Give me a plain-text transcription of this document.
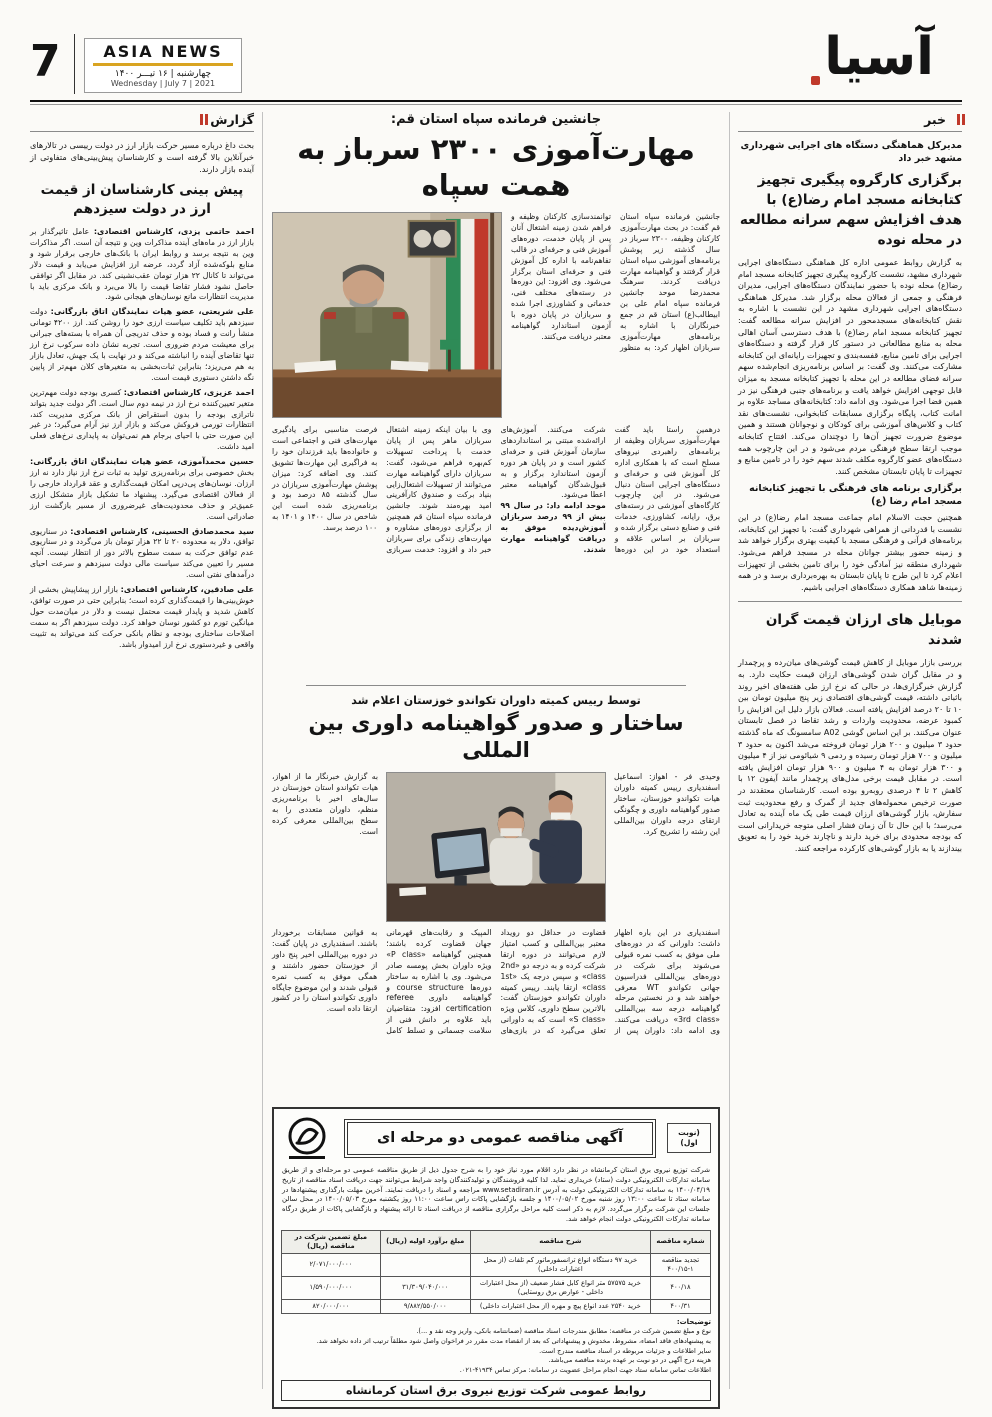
آسیا
ASIA NEWS
چهارشنبه | ۱۶ تیـــر ۱۴۰۰
Wednesday | July 7 | 2021
7
خبر

مدیرکل هماهنگی دستگاه های اجرایی شهرداری مشهد خبر داد

برگزاری کارگروه پیگیری تجهیز کتابخانه مسجد امام رضا(ع) با هدف افزایش سهم سرانه مطالعه در محله نوده

به گزارش روابط عمومی اداره کل هماهنگی دستگاه‌های اجرایی شهرداری مشهد، نشست کارگروه پیگیری تجهیز کتابخانه مسجد امام رضا(ع) محله نوده با حضور نمایندگان دستگاه‌های اجرایی، مدیران فرهنگی و جمعی از فعالان محله برگزار شد. مدیرکل هماهنگی دستگاه‌های اجرایی شهرداری مشهد در این نشست با اشاره به نقش کتابخانه‌های مسجدمحور در افزایش سرانه مطالعه گفت: تجهیز کتابخانه مسجد امام رضا(ع) با هدف دسترسی آسان اهالی محله به منابع مطالعاتی در دستور کار قرار گرفته و دستگاه‌های اجرایی برای تامین منابع، قفسه‌بندی و تجهیزات رایانه‌ای این کتابخانه مشارکت می‌کنند. وی گفت: بر اساس برنامه‌ریزی انجام‌شده سهم سرانه فضای مطالعه در این محله با تجهیز کتابخانه مسجد به میزان قابل توجهی افزایش خواهد یافت و برنامه‌های جنبی فرهنگی نیز در همین فضا اجرا می‌شود. وی ادامه داد: کتابخانه‌های مساجد علاوه بر امانت کتاب، پایگاه برگزاری مسابقات کتابخوانی، نشست‌های نقد کتاب و کلاس‌های آموزشی برای کودکان و نوجوانان هستند و همین موضوع ضرورت تجهیز آن‌ها را دوچندان می‌کند. افتتاح کتابخانه موجب ارتقا سطح فرهنگی مردم می‌شود و در این چارچوب همه دستگاه‌های عضو کارگروه مکلف شدند سهم خود را در تامین منابع و تجهیزات تا پایان تابستان مشخص کنند.

برگزاری برنامه های فرهنگی با تجهیز کتابخانه مسجد امام رضا (ع)

همچنین حجت الاسلام امام جماعت مسجد امام رضا(ع) در این نشست با قدردانی از همراهی شهرداری گفت: با تجهیز این کتابخانه، برنامه‌های قرآنی و فرهنگی مسجد با کیفیت بهتری برگزار خواهد شد و زمینه حضور بیشتر جوانان محله در مسجد فراهم می‌شود. شهرداری منطقه نیز آمادگی خود را برای تامین بخشی از تجهیزات اعلام کرد تا این طرح تا پایان تابستان به بهره‌برداری برسد و در همه زمینه‌ها شاهد همکاری دستگاه‌های اجرایی باشیم.

موبایل های ارزان قیمت گران شدند

بررسی بازار موبایل از کاهش قیمت گوشی‌های میان‌رده و پرچمدار و در مقابل گران شدن گوشی‌های ارزان قیمت حکایت دارد. به گزارش خبرگزاری‌ها، در حالی که نرخ ارز طی هفته‌های اخیر روند باثباتی داشته، قیمت گوشی‌های اقتصادی زیر پنج میلیون تومان بین ۱۰ تا ۲۰ درصد افزایش یافته است. فعالان بازار دلیل این افزایش را کمبود عرضه، محدودیت واردات و رشد تقاضا در فصل تابستان عنوان می‌کنند. بر این اساس گوشی A02 سامسونگ که ماه گذشته حدود ۳ میلیون و ۲۰۰ هزار تومان فروخته می‌شد اکنون به حدود ۳ میلیون و ۷۰۰ هزار تومان رسیده و ردمی ۹ شیائومی نیز از ۴ میلیون و ۳۰۰ هزار تومان به ۴ میلیون و ۹۰۰ هزار تومان افزایش یافته است. در مقابل قیمت برخی مدل‌های پرچمدار مانند آیفون ۱۲ با کاهش ۲ تا ۴ درصدی روبه‌رو بوده است. کارشناسان معتقدند در صورت ترخیص محموله‌های جدید از گمرک و رفع محدودیت ثبت سفارش، بازار گوشی‌های ارزان قیمت طی یک ماه آینده به تعادل می‌رسد؛ با این حال تا آن زمان فشار اصلی متوجه خریدارانی است که بودجه محدودی برای خرید دارند و ناچارند خرید خود را به تعویق بیندازند یا به بازار گوشی‌های کارکرده مراجعه کنند.

گزارش

بحث داغ درباره مسیر حرکت بازار ارز در دولت رییسی در تالارهای خبرآنلاین بالا گرفته است و کارشناسان پیش‌بینی‌های متفاوتی از آینده بازار دارند.

پیش بینی کارشناسان از قیمت ارز در دولت سیزدهم

احمد حاتمی یزدی، کارشناس اقتصادی: عامل تاثیرگذار بر بازار ارز در ماه‌های آینده مذاکرات وین و نتیجه آن است. اگر مذاکرات وین به نتیجه برسد و روابط ایران با بانک‌های خارجی برقرار شود و منابع بلوکه‌شده آزاد گردد، عرضه ارز افزایش می‌یابد و قیمت دلار می‌تواند تا کانال ۲۲ هزار تومان عقب‌نشینی کند. در مقابل اگر توافقی حاصل نشود فشار تقاضا قیمت را بالا می‌برد و بانک مرکزی باید با مدیریت انتظارات مانع نوسان‌های هیجانی شود.

علی شریعتی، عضو هیات نمایندگان اتاق بازرگانی: دولت سیزدهم باید تکلیف سیاست ارزی خود را روشن کند. ارز ۴۲۰۰ تومانی منشأ رانت و فساد بوده و حذف تدریجی آن همراه با بسته‌های جبرانی برای معیشت مردم ضروری است. تجربه نشان داده سرکوب نرخ ارز تنها تقاضای آینده را انباشته می‌کند و در نهایت با یک جهش، تعادل بازار به هم می‌ریزد؛ بنابراین ثبات‌بخشی به متغیرهای کلان مهم‌تر از پایین نگه داشتن دستوری قیمت است.

احمد عزیزی، کارشناس اقتصادی: کسری بودجه دولت مهم‌ترین متغیر تعیین‌کننده نرخ ارز در نیمه دوم سال است. اگر دولت جدید بتواند ناترازی بودجه را بدون استقراض از بانک مرکزی مدیریت کند، انتظارات تورمی فروکش می‌کند و بازار ارز نیز آرام می‌گیرد؛ در غیر این صورت حتی با احیای برجام هم نمی‌توان به پایداری نرخ‌های فعلی امید داشت.

حسین محمدآموزی، عضو هیات نمایندگان اتاق بازرگانی: بخش خصوصی برای برنامه‌ریزی تولید به ثبات نرخ ارز نیاز دارد نه ارز ارزان. نوسان‌های پی‌درپی امکان قیمت‌گذاری و عقد قرارداد خارجی را از فعالان اقتصادی می‌گیرد. پیشنهاد ما تشکیل بازار متشکل ارزی عمیق‌تر و حذف محدودیت‌های غیرضروری از مسیر بازگشت ارز صادراتی است.

سید محمدصادق الحسینی، کارشناس اقتصادی: در سناریوی توافق، دلار به محدوده ۲۰ تا ۲۲ هزار تومان باز می‌گردد و در سناریوی عدم توافق حرکت به سمت سطوح بالاتر دور از انتظار نیست. آنچه مسیر را تعیین می‌کند سیاست مالی دولت سیزدهم و سرعت احیای درآمدهای نفتی است.

علی صادقین، کارشناس اقتصادی: بازار ارز پیشاپیش بخشی از خوش‌بینی‌ها را قیمت‌گذاری کرده است؛ بنابراین حتی در صورت توافق، کاهش شدید و پایدار قیمت محتمل نیست و دلار در میان‌مدت حول میانگین تورم دو کشور نوسان خواهد کرد. دولت سیزدهم اگر به سمت اصلاحات ساختاری بودجه و نظام بانکی حرکت کند می‌تواند به تثبیت واقعی و غیردستوری نرخ ارز امیدوار باشد.

جانشین فرمانده سپاه استان قم:

مهارت‌آموزی ۲۳۰۰ سرباز به همت سپاه
جانشین فرمانده سپاه استان قم گفت: در بحث مهارت‌آموزی کارکنان وظیفه، ۲۳۰۰ سرباز در سال گذشته زیر پوشش برنامه‌های آموزشی سپاه استان قرار گرفتند و گواهینامه مهارت دریافت کردند. سرهنگ محمدرضا موحد جانشین فرمانده سپاه امام علی بن ابیطالب(ع) استان قم در جمع خبرنگاران با اشاره به برنامه‌های مهارت‌آموزی سربازان اظهار کرد: به منظور توانمندسازی کارکنان وظیفه و فراهم شدن زمینه اشتغال آنان پس از پایان خدمت، دوره‌های آموزش فنی و حرفه‌ای در قالب تفاهم‌نامه با اداره کل آموزش فنی و حرفه‌ای استان برگزار می‌شود. وی افزود: این دوره‌ها در رسته‌های مختلف فنی، خدماتی و کشاورزی اجرا شده و سربازان در پایان دوره با آزمون استاندارد گواهینامه معتبر دریافت می‌کنند.

درهمین راستا باید گفت مهارت‌آموزی سربازان وظیفه از برنامه‌های راهبردی نیروهای مسلح است که با همکاری اداره کل آموزش فنی و حرفه‌ای و دستگاه‌های اجرایی استان دنبال می‌شود. در این چارچوب کارگاه‌های آموزشی در رسته‌های برق، رایانه، کشاورزی، خدمات فنی و صنایع دستی برگزار شده و سربازان بر اساس علاقه و استعداد خود در این دوره‌ها شرکت می‌کنند. آموزش‌های ارائه‌شده مبتنی بر استانداردهای سازمان آموزش فنی و حرفه‌ای کشور است و در پایان هر دوره آزمون استاندارد برگزار و به قبول‌شدگان گواهینامه معتبر اعطا می‌شود.

موحد ادامه داد: در سال ۹۹ بیش از ۹۹ درصد سربازان آموزش‌دیده موفق به دریافت گواهینامه مهارت شدند.

وی با بیان اینکه زمینه اشتغال سربازان ماهر پس از پایان خدمت با پرداخت تسهیلات کم‌بهره فراهم می‌شود، گفت: سربازان دارای گواهینامه مهارت می‌توانند از تسهیلات اشتغال‌زایی بنیاد برکت و صندوق کارآفرینی امید بهره‌مند شوند. جانشین فرمانده سپاه استان قم همچنین از برگزاری دوره‌های مشاوره و مهارت‌های زندگی برای سربازان خبر داد و افزود: خدمت سربازی فرصت مناسبی برای یادگیری مهارت‌های فنی و اجتماعی است و خانواده‌ها باید فرزندان خود را به فراگیری این مهارت‌ها تشویق کنند. وی اضافه کرد: میزان پوشش مهارت‌آموزی سربازان در سال گذشته ۸۵ درصد بود و برنامه‌ریزی شده است این شاخص در سال ۱۴۰۰ و ۱۴۰۱ به ۱۰۰ درصد برسد.

توسط رییس کمیته داوران تکواندو خوزستان اعلام شد

ساختار و صدور گواهینامه داوری بین المللی
وحیدی فر - اهواز: اسماعیل اسفندیاری رییس کمیته داوران هیات تکواندو خوزستان، ساختار صدور گواهینامه داوری و چگونگی ارتقای درجه داوران بین‌المللی این رشته را تشریح کرد.
به گزارش خبرنگار ما از اهواز، هیات تکواندو استان خوزستان در سال‌های اخیر با برنامه‌ریزی منظم، داوران متعددی را به سطح بین‌المللی معرفی کرده است.

اسفندیاری در این باره اظهار داشت: داورانی که در دوره‌های ملی موفق به کسب نمره قبولی می‌شوند برای شرکت در دوره‌های بین‌المللی فدراسیون جهانی تکواندو WT معرفی خواهند شد و در نخستین مرحله گواهینامه درجه سه بین‌المللی «3rd class» دریافت می‌کنند. وی ادامه داد: داوران پس از قضاوت در حداقل دو رویداد معتبر بین‌المللی و کسب امتیاز لازم می‌توانند در دوره ارتقا شرکت کرده و به درجه دو «2nd class» و سپس درجه یک «1st class» ارتقا یابند. رییس کمیته داوران تکواندو خوزستان گفت: بالاترین سطح داوری، کلاس ویژه «S class» است که به داورانی تعلق می‌گیرد که در بازی‌های المپیک و رقابت‌های قهرمانی جهان قضاوت کرده باشند؛ همچنین گواهینامه «P class» ویژه داوران بخش پومسه صادر می‌شود. وی با اشاره به ساختار دوره‌ها course structure و گواهینامه داوری referee certification افزود: متقاضیان باید علاوه بر دانش فنی از سلامت جسمانی و تسلط کامل به قوانین مسابقات برخوردار باشند. اسفندیاری در پایان گفت: در دوره بین‌المللی اخیر پنج داور از خوزستان حضور داشتند و همگی موفق به کسب نمره قبولی شدند و این موضوع جایگاه داوری تکواندو استان را در کشور ارتقا داده است.

(نوبت اول)
آگهی مناقصه عمومی دو مرحله ای

شرکت توزیع نیروی برق استان کرمانشاه در نظر دارد اقلام مورد نیاز خود را به شرح جدول ذیل از طریق مناقصه عمومی دو مرحله‌ای و از طریق سامانه تدارکات الکترونیکی دولت (ستاد) خریداری نماید. لذا کلیه فروشندگان و تولیدکنندگان واجد شرایط می‌توانند جهت دریافت اسناد مناقصه از تاریخ ۱۴۰۰/۰۴/۱۹ به سامانه تدارکات الکترونیکی دولت به آدرس www.setadiran.ir مراجعه و اسناد را دریافت نمایند. آخرین مهلت بارگذاری پیشنهادها در سامانه ستاد تا ساعت ۱۳:۰۰ روز شنبه مورخ ۱۴۰۰/۰۵/۰۲ و جلسه بازگشایی پاکات راس ساعت ۱۱:۰۰ روز یکشنبه مورخ ۱۴۰۰/۰۵/۰۳ در محل سالن جلسات این شرکت برگزار می‌گردد. لازم به ذکر است کلیه مراحل برگزاری مناقصه از دریافت اسناد تا ارائه پیشنهاد و بازگشایی پاکات از طریق درگاه سامانه تدارکات الکترونیکی دولت انجام خواهد شد.

شماره مناقصه	شرح مناقصه	مبلغ برآورد اولیه (ریال)	مبلغ تضمین شرکت در مناقصه (ریال)
تجدید مناقصه ۱-۴۰۰/۱۵	خرید ۹۷ دستگاه انواع ترانسفورماتور کم تلفات (از محل اعتبارات داخلی)		۲/۰۷۱/۰۰۰/۰۰۰
۴۰۰/۱۸	خرید ۵۷۵۷۵ متر انواع کابل فشار ضعیف (از محل اعتبارات داخلی - عوارض برق روستایی)	۳۱/۳۰۹/۰۴۰/۰۰۰	۱/۵۹۰/۰۰۰/۰۰۰
۴۰۰/۳۱	خرید ۲۵۴۰ عدد انواع پیچ و مهره (از محل اعتبارات داخلی)	۹/۸۸۲/۵۵۰/۰۰۰	۸۲۰/۰۰۰/۰۰۰
توضیحات:
نوع و مبلغ تضمین شرکت در مناقصه: مطابق مندرجات اسناد مناقصه (ضمانتنامه بانکی، واریز وجه نقد و ...).
به پیشنهادهای فاقد امضاء، مشروط، مخدوش و پیشنهاداتی که بعد از انقضاء مدت مقرر در فراخوان واصل شود مطلقاً ترتیب اثر داده نخواهد شد.
سایر اطلاعات و جزئیات مربوطه در اسناد مناقصه مندرج است.
هزینه درج آگهی در دو نوبت بر عهده برنده مناقصه می‌باشد.
اطلاعات تماس سامانه ستاد جهت انجام مراحل عضویت در سامانه: مرکز تماس ۴۱۹۳۴-۰۲۱.
روابط عمومی شرکت توزیع نیروی برق استان کرمانشاه
